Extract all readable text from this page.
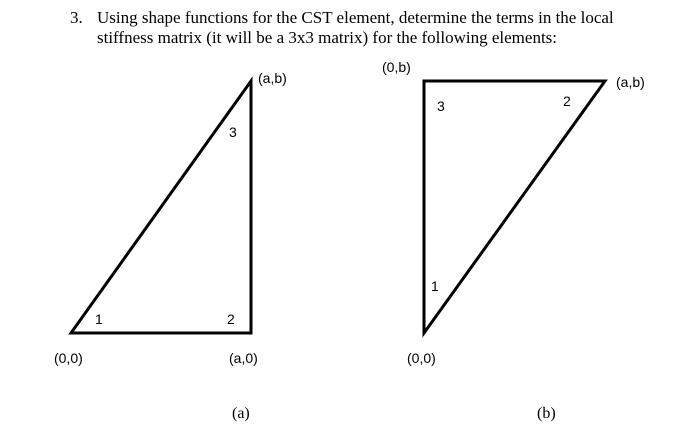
3. Using shape functions for the CST element, determine the terms in the local
stiffness matrix (it will be a 3x3 matrix) for the following elements:
(a,b)
(0,0)	(a,0)
1	2
3
(a)
(0,b)
(a,b)
(0,0)
1
2
3
(b)
